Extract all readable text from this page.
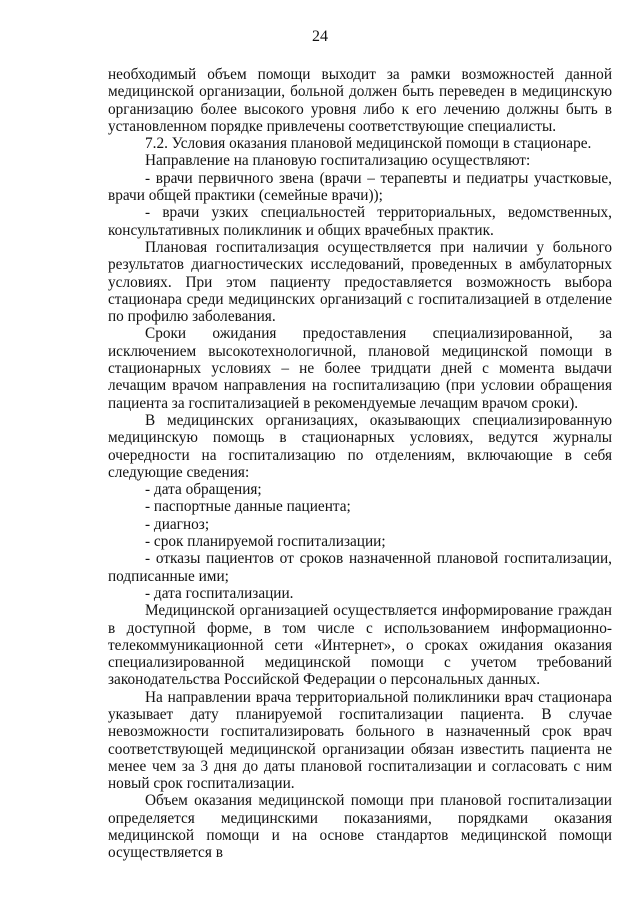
24

необходимый объем помощи выходит за рамки возможностей данной медицинской организации, больной должен быть переведен в медицинскую организацию более высокого уровня либо к его лечению должны быть в установленном порядке привлечены соответствующие специалисты.

7.2. Условия оказания плановой медицинской помощи в стационаре.

Направление на плановую госпитализацию осуществляют:

- врачи первичного звена (врачи – терапевты и педиатры участковые, врачи общей практики (семейные врачи));

- врачи узких специальностей территориальных, ведомственных, консультативных поликлиник и общих врачебных практик.

Плановая госпитализация осуществляется при наличии у больного результатов диагностических исследований, проведенных в амбулаторных условиях. При этом пациенту предоставляется возможность выбора стационара среди медицинских организаций с госпитализацией в отделение по профилю заболевания.

Сроки ожидания предоставления специализированной, за исключением высокотехнологичной, плановой медицинской помощи в стационарных условиях – не более тридцати дней с момента выдачи лечащим врачом направления на госпитализацию (при условии обращения пациента за госпитализацией в рекомендуемые лечащим врачом сроки).

В медицинских организациях, оказывающих специализированную медицинскую помощь в стационарных условиях, ведутся журналы очередности на госпитализацию по отделениям, включающие в себя следующие сведения:

- дата обращения;

- паспортные данные пациента;

- диагноз;

- срок планируемой госпитализации;

- отказы пациентов от сроков назначенной плановой госпитализации, подписанные ими;

- дата госпитализации.

Медицинской организацией осуществляется информирование граждан в доступной форме, в том числе с использованием информационно-телекоммуникационной сети «Интернет», о сроках ожидания оказания специализированной медицинской помощи с учетом требований законодательства Российской Федерации о персональных данных.

На направлении врача территориальной поликлиники врач стационара указывает дату планируемой госпитализации пациента. В случае невозможности госпитализировать больного в назначенный срок врач соответствующей медицинской организации обязан известить пациента не менее чем за 3 дня до даты плановой госпитализации и согласовать с ним новый срок госпитализации.

Объем оказания медицинской помощи при плановой госпитализации определяется медицинскими показаниями, порядками оказания медицинской помощи и на основе стандартов медицинской помощи осуществляется в
